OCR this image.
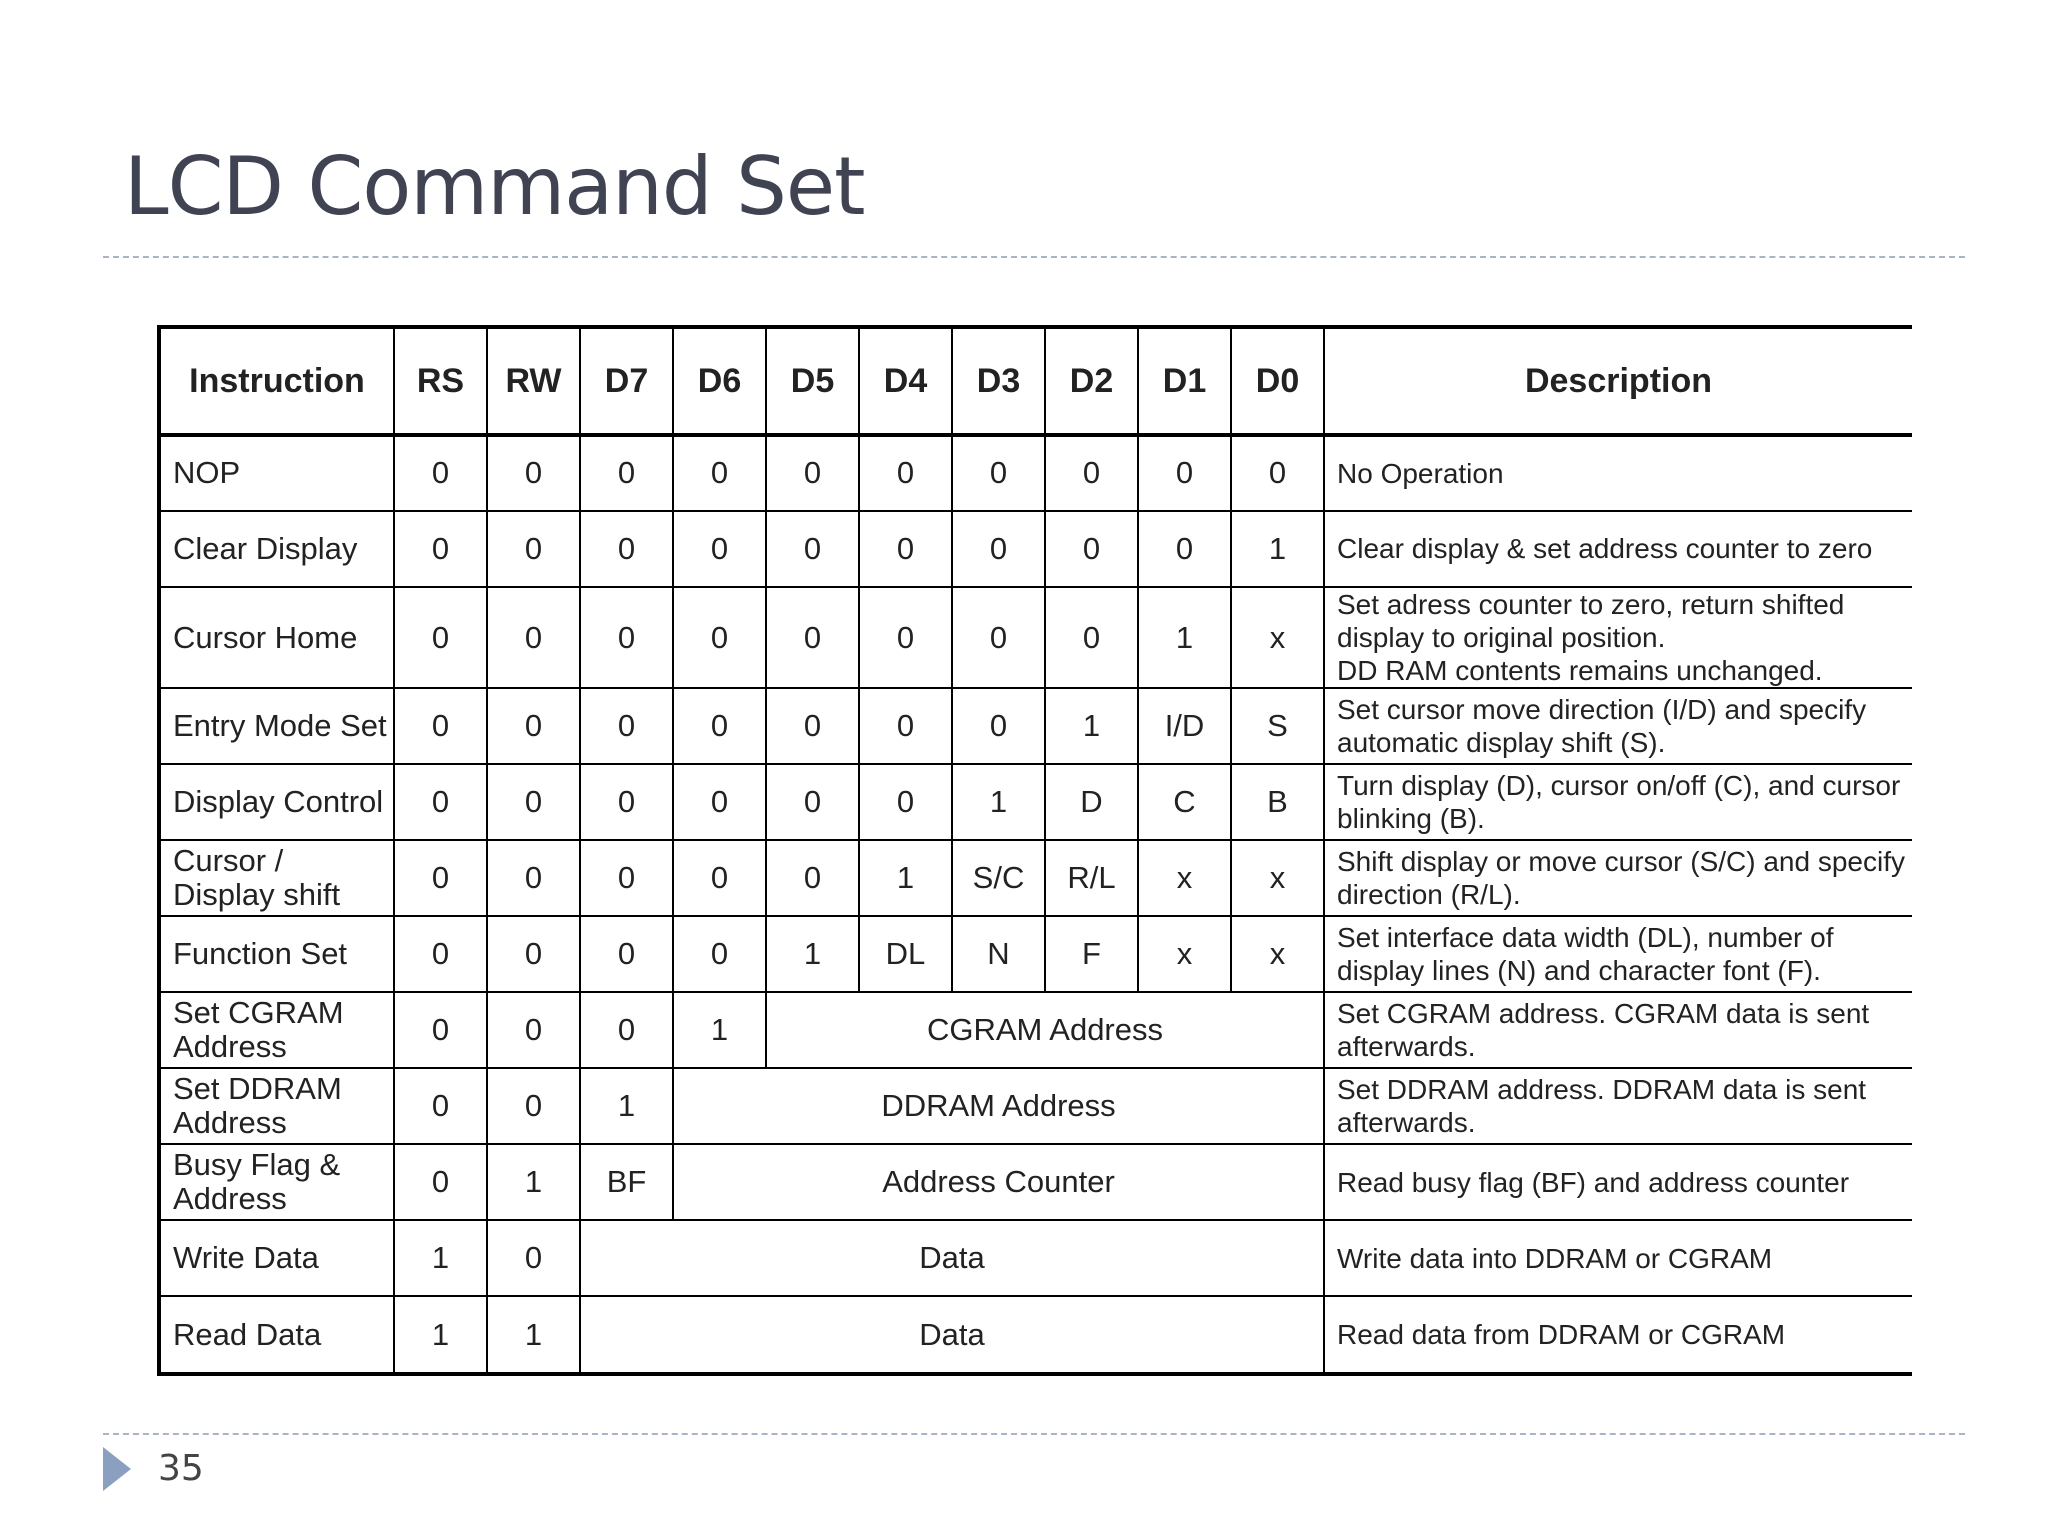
LCD Command Set
Instruction	RS	RW	D7	D6	D5	D4	D3	D2	D1	D0	Description
NOP	0	0	0	0	0	0	0	0	0	0	No Operation
Clear Display	0	0	0	0	0	0	0	0	0	1	Clear display & set address counter to zero
Cursor Home	0	0	0	0	0	0	0	0	1	x	Set adress counter to zero, return shifted display to original position.
DD RAM contents remains unchanged.
Entry Mode Set	0	0	0	0	0	0	0	1	I/D	S	Set cursor move direction (I/D) and specify automatic display shift (S).
Display Control	0	0	0	0	0	0	1	D	C	B	Turn display (D), cursor on/off (C), and cursor blinking (B).
Cursor / Display shift	0	0	0	0	0	1	S/C	R/L	x	x	Shift display or move cursor (S/C) and specify direction (R/L).
Function Set	0	0	0	0	1	DL	N	F	x	x	Set interface data width (DL), number of display lines (N) and character font (F).
Set CGRAM Address	0	0	0	1	CGRAM Address						Set CGRAM address. CGRAM data is sent afterwards.
Set DDRAM Address	0	0	1	DDRAM Address							Set DDRAM address. DDRAM data is sent afterwards.
Busy Flag & Address	0	1	BF	Address Counter							Read busy flag (BF) and address counter
Write Data	1	0	Data								Write data into DDRAM or CGRAM
Read Data	1	1	Data								Read data from DDRAM or CGRAM
35
